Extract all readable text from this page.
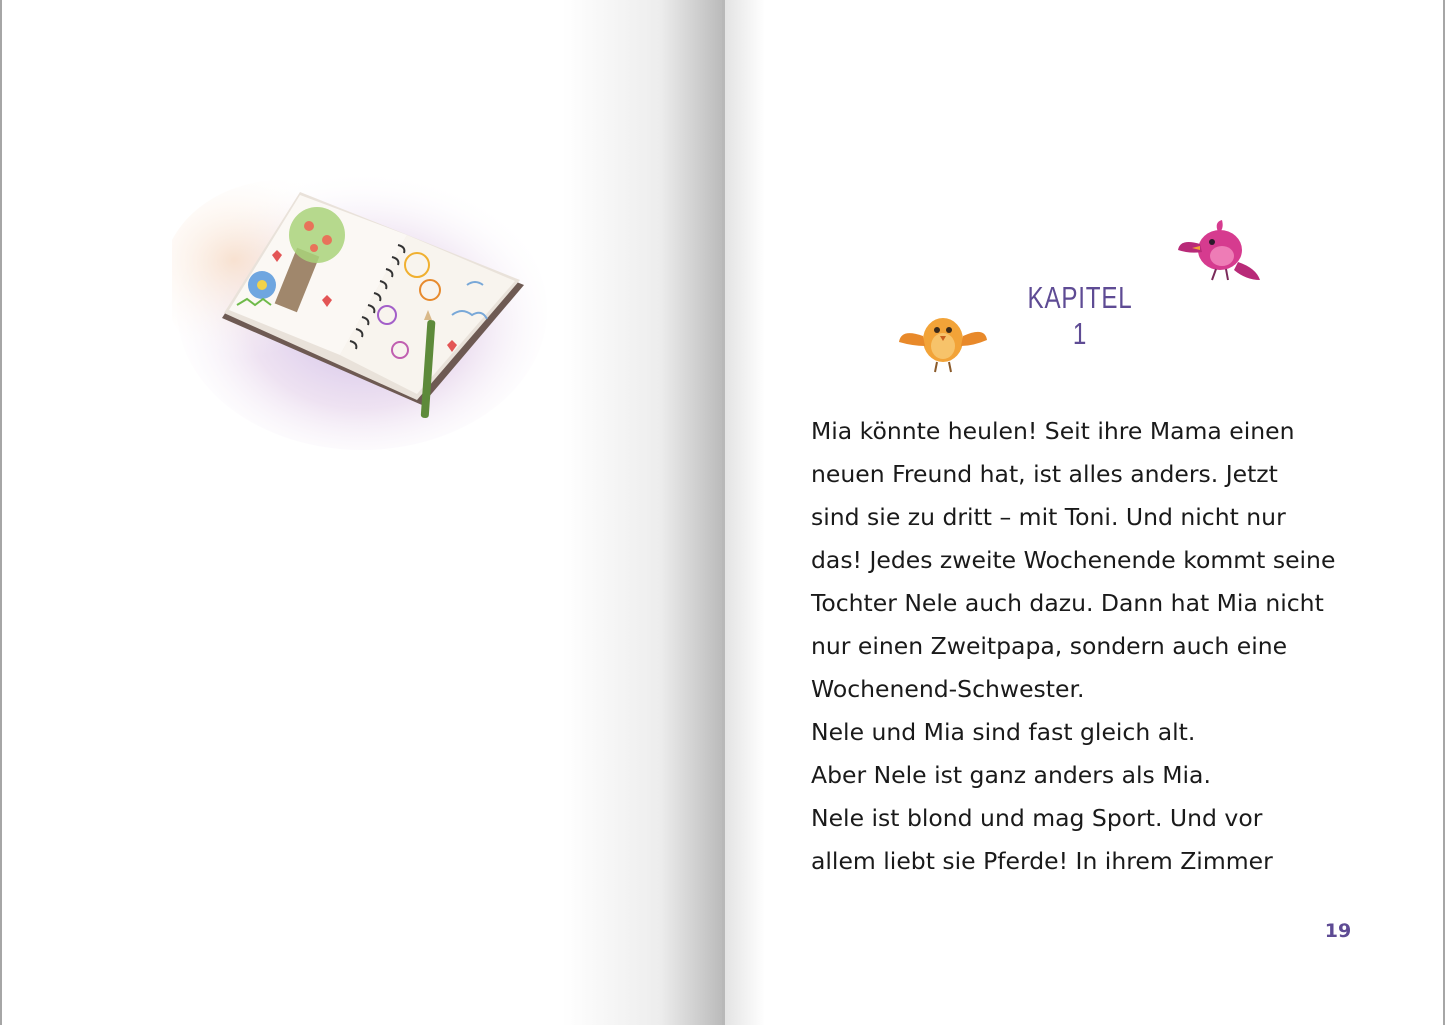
KAPITEL 1
Mia könnte heulen! Seit ihre Mama einen
neuen Freund hat, ist alles anders. Jetzt
sind sie zu dritt – mit Toni. Und nicht nur
das! Jedes zweite Wochenende kommt seine
Tochter Nele auch dazu. Dann hat Mia nicht
nur einen Zweitpapa, sondern auch eine
Wochenend-Schwester.
Nele und Mia sind fast gleich alt.
Aber Nele ist ganz anders als Mia.
Nele ist blond und mag Sport. Und vor
allem liebt sie Pferde! In ihrem Zimmer
19
